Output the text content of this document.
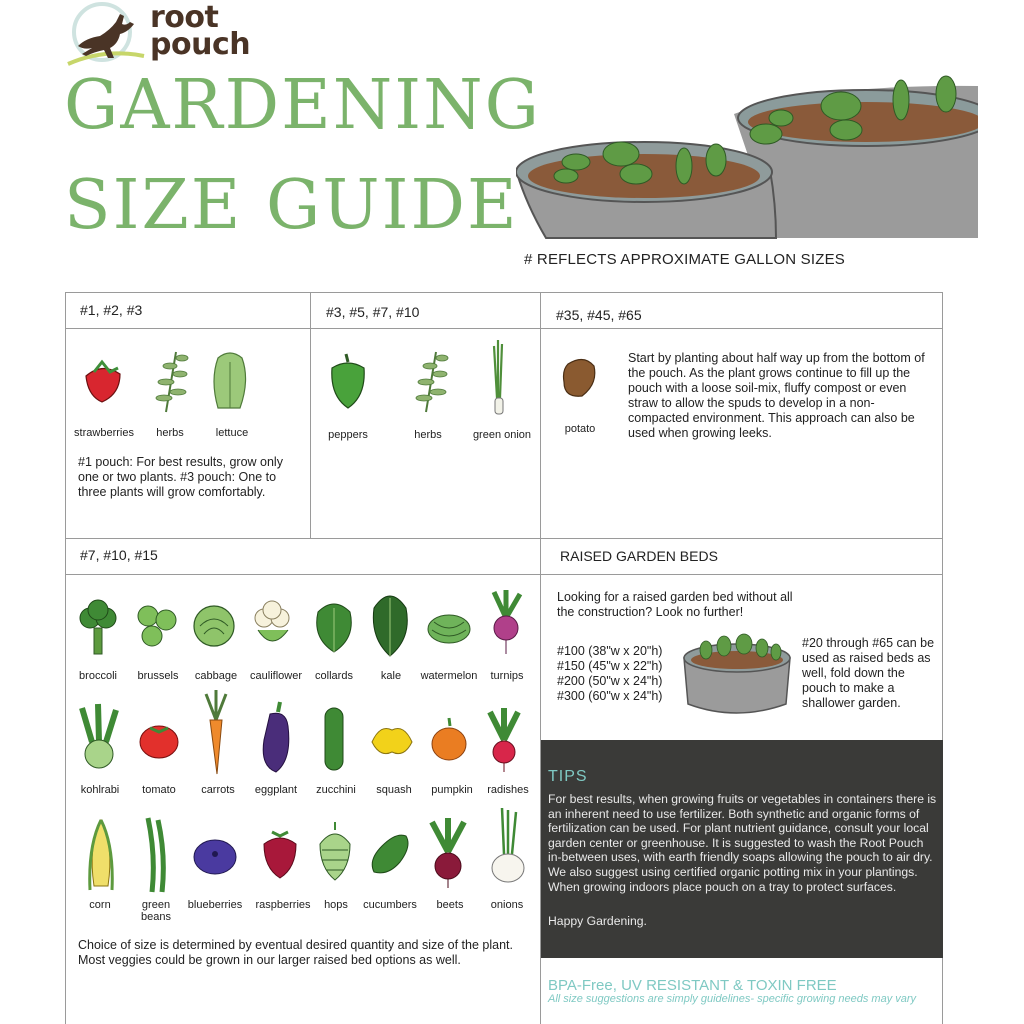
root
pouch
GARDENING
SIZE GUIDE
# REFLECTS APPROXIMATE GALLON SIZES
#1, #2, #3
strawberries	herbs	lettuce
#1 pouch: For best results, grow only one or two plants. #3 pouch: One to three plants will grow comfortably.
#3, #5, #7, #10
peppers	herbs	green onion
#35, #45, #65
potato
Start by planting about half way up from the bottom of the pouch. As the plant grows continue to fill up the pouch with a loose soil-mix, fluffy compost or even straw to allow the spuds to develop in a non-compacted environment. This approach can also be used when growing leeks.
#7, #10, #15
broccoli	brussels	cabbage	cauliflower	collards	kale	watermelon	turnips
kohlrabi	tomato	carrots	eggplant	zucchini	squash	pumpkin	radishes
corn	green beans
blueberries	raspberries	hops	cucumbers	beets	onions
Choice of size is determined by eventual desired quantity and size of the plant. Most veggies could be grown in our larger raised bed options as well.
RAISED GARDEN BEDS
Looking for a raised garden bed without all the construction? Look no further!
#100 (38"w x 20"h)
#150 (45"w x 22"h)
#200 (50"w x 24"h)
#300 (60"w x 24"h)
#20 through #65 can be used as raised beds as well, fold down the pouch to make a shallower garden.
TIPS
For best results, when growing fruits or vegetables in containers there is an inherent need to use fertilizer. Both synthetic and organic forms of fertilization can be used. For plant nutrient guidance, consult your local garden center or greenhouse. It is suggested to wash the Root Pouch in-between uses, with earth friendly soaps allowing the pouch to air dry. We also suggest using certified organic potting mix in your plantings. When growing indoors place pouch on a tray to protect surfaces.
Happy Gardening.
BPA-Free, UV RESISTANT & TOXIN FREE
All size suggestions are simply guidelines- specific growing needs may vary
